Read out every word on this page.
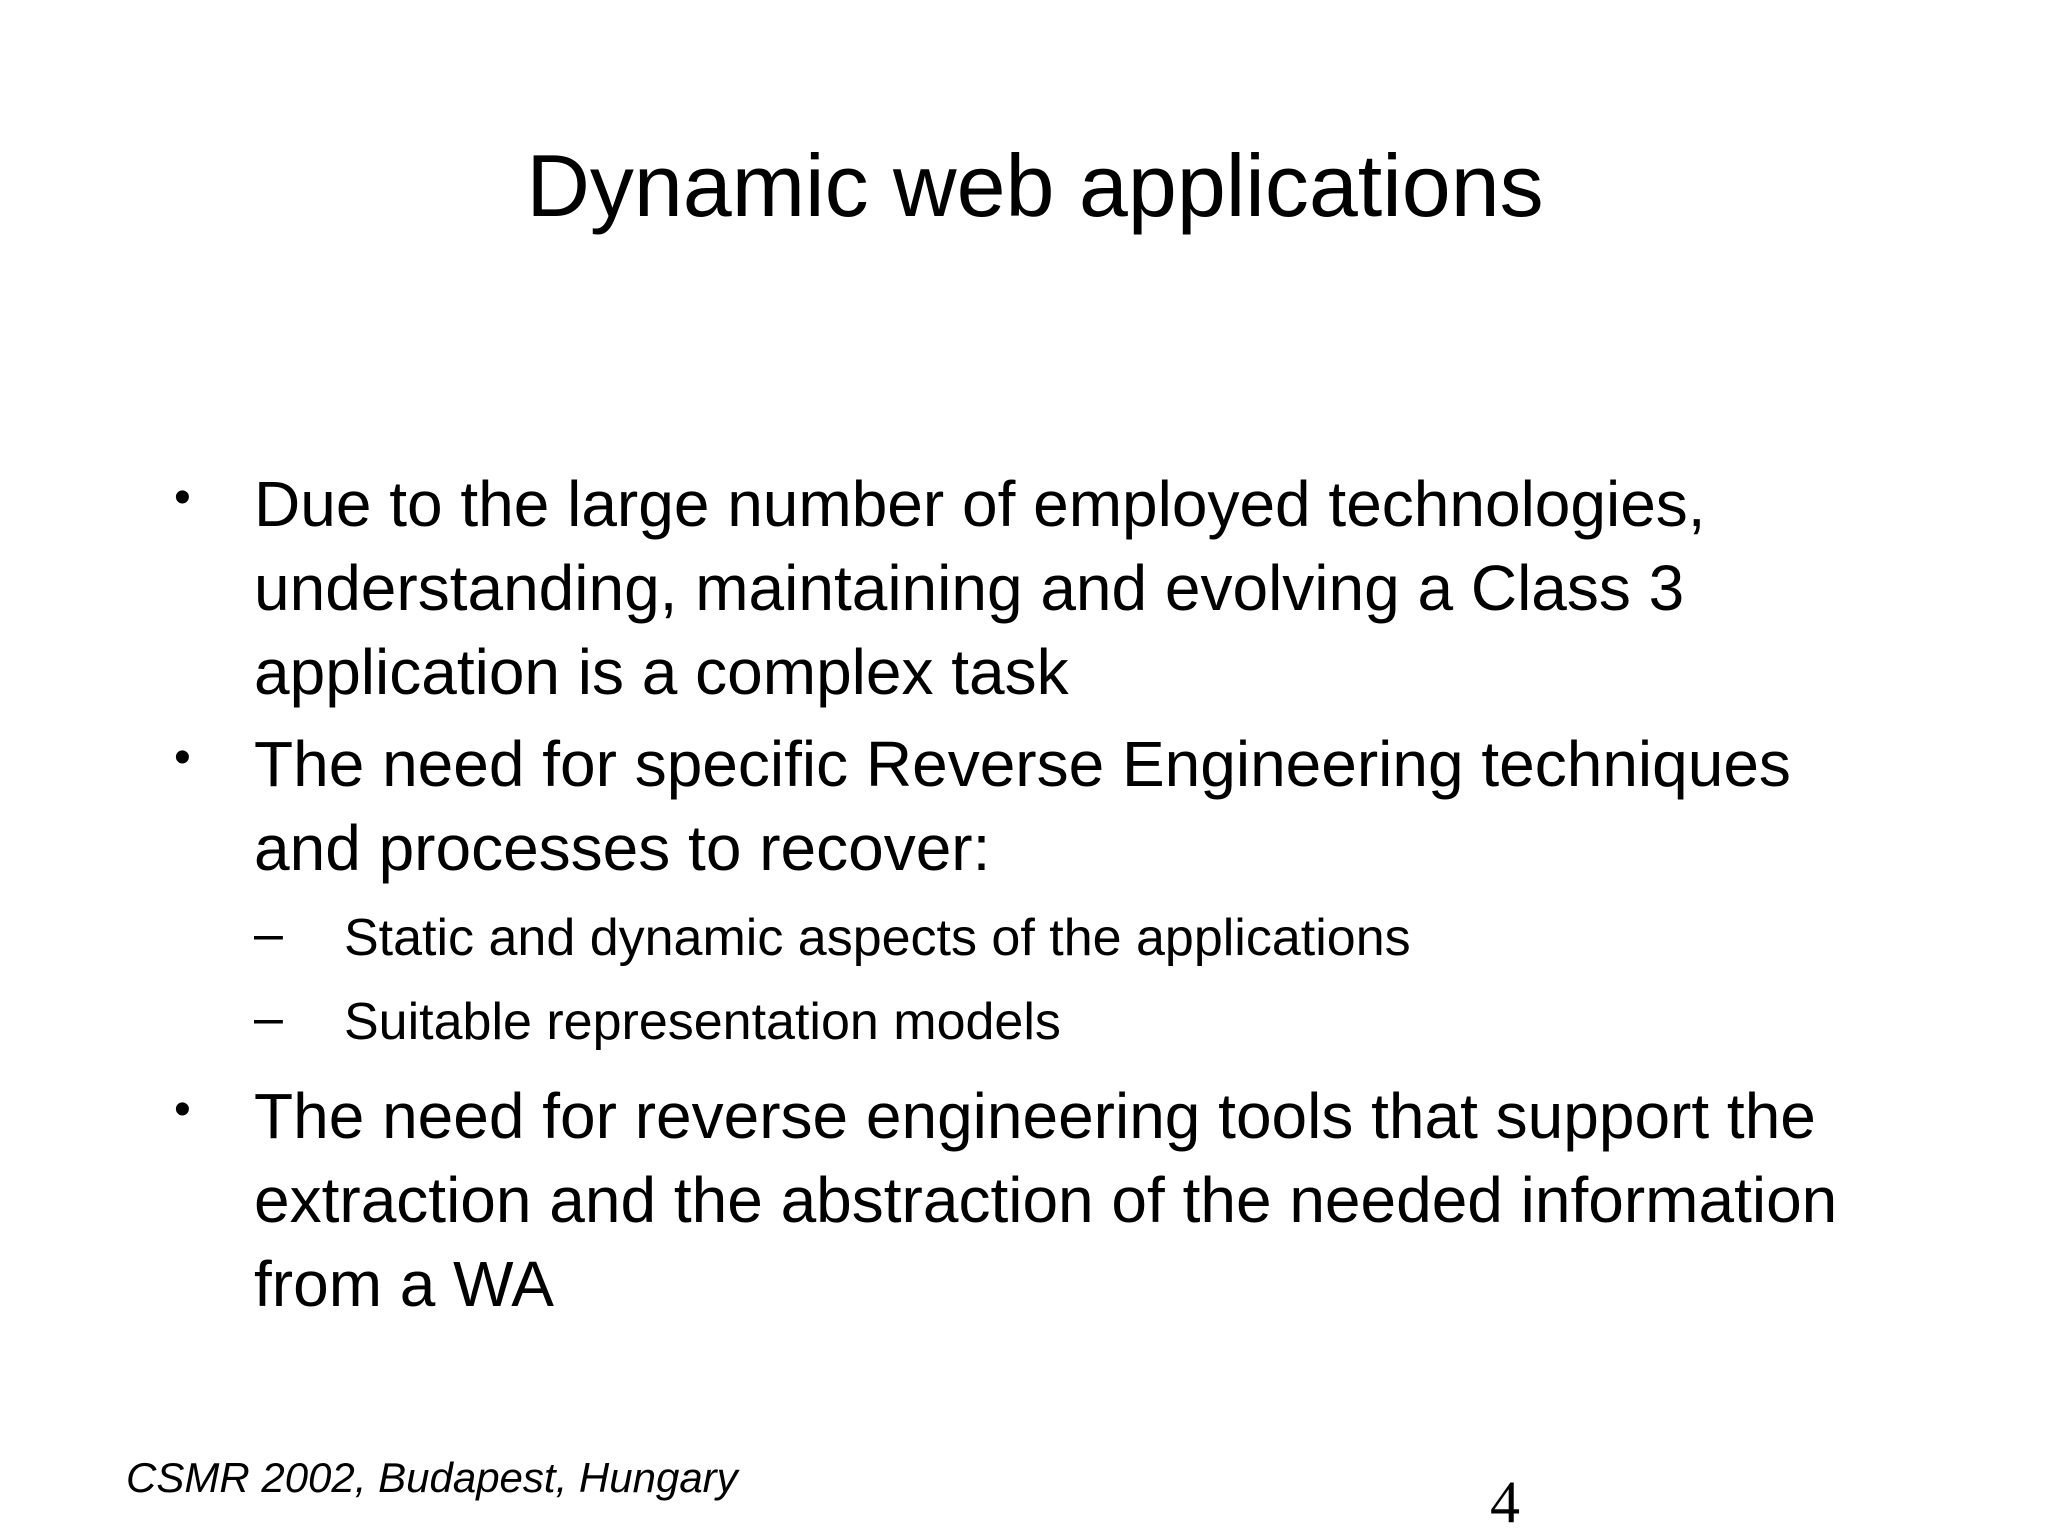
Dynamic web applications
• Due to the large number of employed technologies, understanding, maintaining and evolving a Class 3 application is a complex task
• The need for specific Reverse Engineering techniques and processes to recover:
– Static and dynamic aspects of the applications
– Suitable representation models
• The need for reverse engineering tools that support the extraction and the abstraction of the needed information from a WA
CSMR 2002, Budapest, Hungary	4
